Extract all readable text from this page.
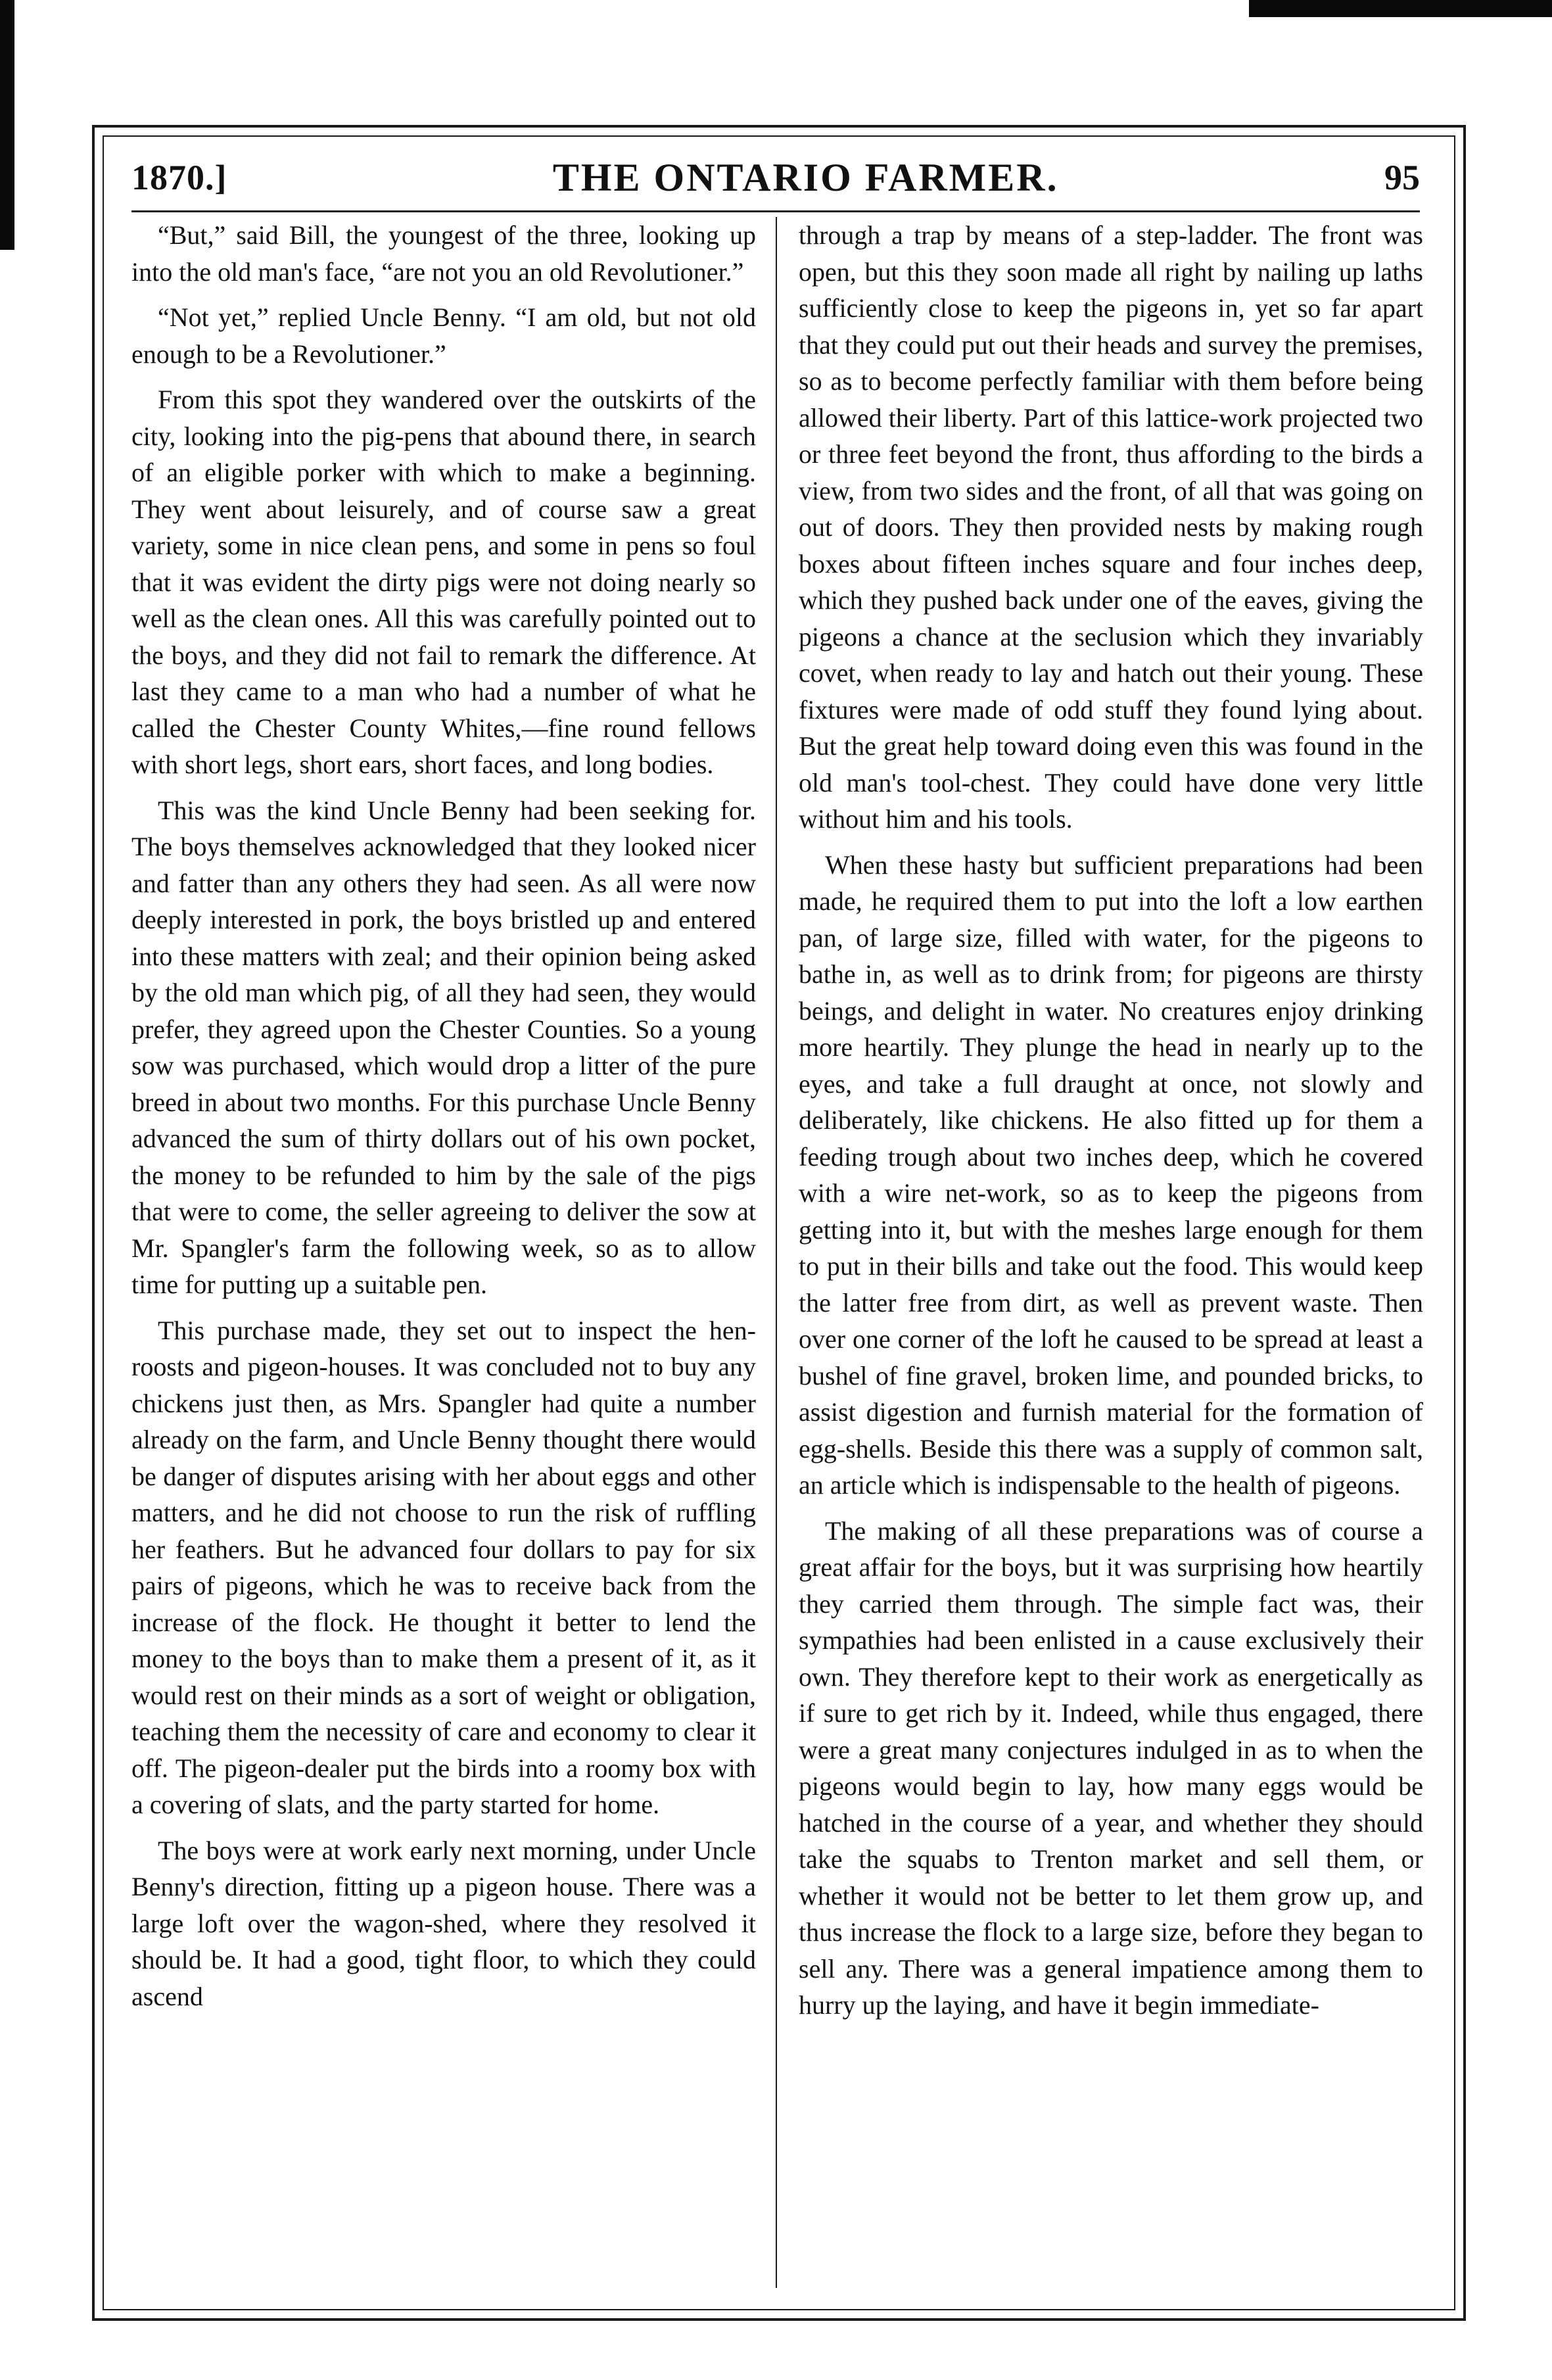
1870.]	THE ONTARIO FARMER.	95

“But,” said Bill, the youngest of the three, looking up into the old man's face, “are not you an old Revolutioner.”

“Not yet,” replied Uncle Benny. “I am old, but not old enough to be a Revolutioner.”

From this spot they wandered over the outskirts of the city, looking into the pig-pens that abound there, in search of an eligible porker with which to make a beginning. They went about leisurely, and of course saw a great variety, some in nice clean pens, and some in pens so foul that it was evident the dirty pigs were not doing nearly so well as the clean ones. All this was carefully pointed out to the boys, and they did not fail to remark the difference. At last they came to a man who had a number of what he called the Chester County Whites,—fine round fellows with short legs, short ears, short faces, and long bodies.

This was the kind Uncle Benny had been seeking for. The boys themselves acknowledged that they looked nicer and fatter than any others they had seen. As all were now deeply interested in pork, the boys bristled up and entered into these matters with zeal; and their opinion being asked by the old man which pig, of all they had seen, they would prefer, they agreed upon the Chester Counties. So a young sow was purchased, which would drop a litter of the pure breed in about two months. For this purchase Uncle Benny advanced the sum of thirty dollars out of his own pocket, the money to be refunded to him by the sale of the pigs that were to come, the seller agreeing to deliver the sow at Mr. Spangler's farm the following week, so as to allow time for putting up a suitable pen.

This purchase made, they set out to inspect the hen-roosts and pigeon-houses. It was concluded not to buy any chickens just then, as Mrs. Spangler had quite a number already on the farm, and Uncle Benny thought there would be danger of disputes arising with her about eggs and other matters, and he did not choose to run the risk of ruffling her feathers. But he advanced four dollars to pay for six pairs of pigeons, which he was to receive back from the increase of the flock. He thought it better to lend the money to the boys than to make them a present of it, as it would rest on their minds as a sort of weight or obligation, teaching them the necessity of care and economy to clear it off. The pigeon-dealer put the birds into a roomy box with a covering of slats, and the party started for home.

The boys were at work early next morning, under Uncle Benny's direction, fitting up a pigeon house. There was a large loft over the wagon-shed, where they resolved it should be. It had a good, tight floor, to which they could ascend

through a trap by means of a step-ladder. The front was open, but this they soon made all right by nailing up laths sufficiently close to keep the pigeons in, yet so far apart that they could put out their heads and survey the premises, so as to become perfectly familiar with them before being allowed their liberty. Part of this lattice-work projected two or three feet beyond the front, thus affording to the birds a view, from two sides and the front, of all that was going on out of doors. They then provided nests by making rough boxes about fifteen inches square and four inches deep, which they pushed back under one of the eaves, giving the pigeons a chance at the seclusion which they invariably covet, when ready to lay and hatch out their young. These fixtures were made of odd stuff they found lying about. But the great help toward doing even this was found in the old man's tool-chest. They could have done very little without him and his tools.

When these hasty but sufficient preparations had been made, he required them to put into the loft a low earthen pan, of large size, filled with water, for the pigeons to bathe in, as well as to drink from; for pigeons are thirsty beings, and delight in water. No creatures enjoy drinking more heartily. They plunge the head in nearly up to the eyes, and take a full draught at once, not slowly and deliberately, like chickens. He also fitted up for them a feeding trough about two inches deep, which he covered with a wire net-work, so as to keep the pigeons from getting into it, but with the meshes large enough for them to put in their bills and take out the food. This would keep the latter free from dirt, as well as prevent waste. Then over one corner of the loft he caused to be spread at least a bushel of fine gravel, broken lime, and pounded bricks, to assist digestion and furnish material for the formation of egg-shells. Beside this there was a supply of common salt, an article which is indispensable to the health of pigeons.

The making of all these preparations was of course a great affair for the boys, but it was surprising how heartily they carried them through. The simple fact was, their sympathies had been enlisted in a cause exclusively their own. They therefore kept to their work as energetically as if sure to get rich by it. Indeed, while thus engaged, there were a great many conjectures indulged in as to when the pigeons would begin to lay, how many eggs would be hatched in the course of a year, and whether they should take the squabs to Trenton market and sell them, or whether it would not be better to let them grow up, and thus increase the flock to a large size, before they began to sell any. There was a general impatience among them to hurry up the laying, and have it begin immediate-
